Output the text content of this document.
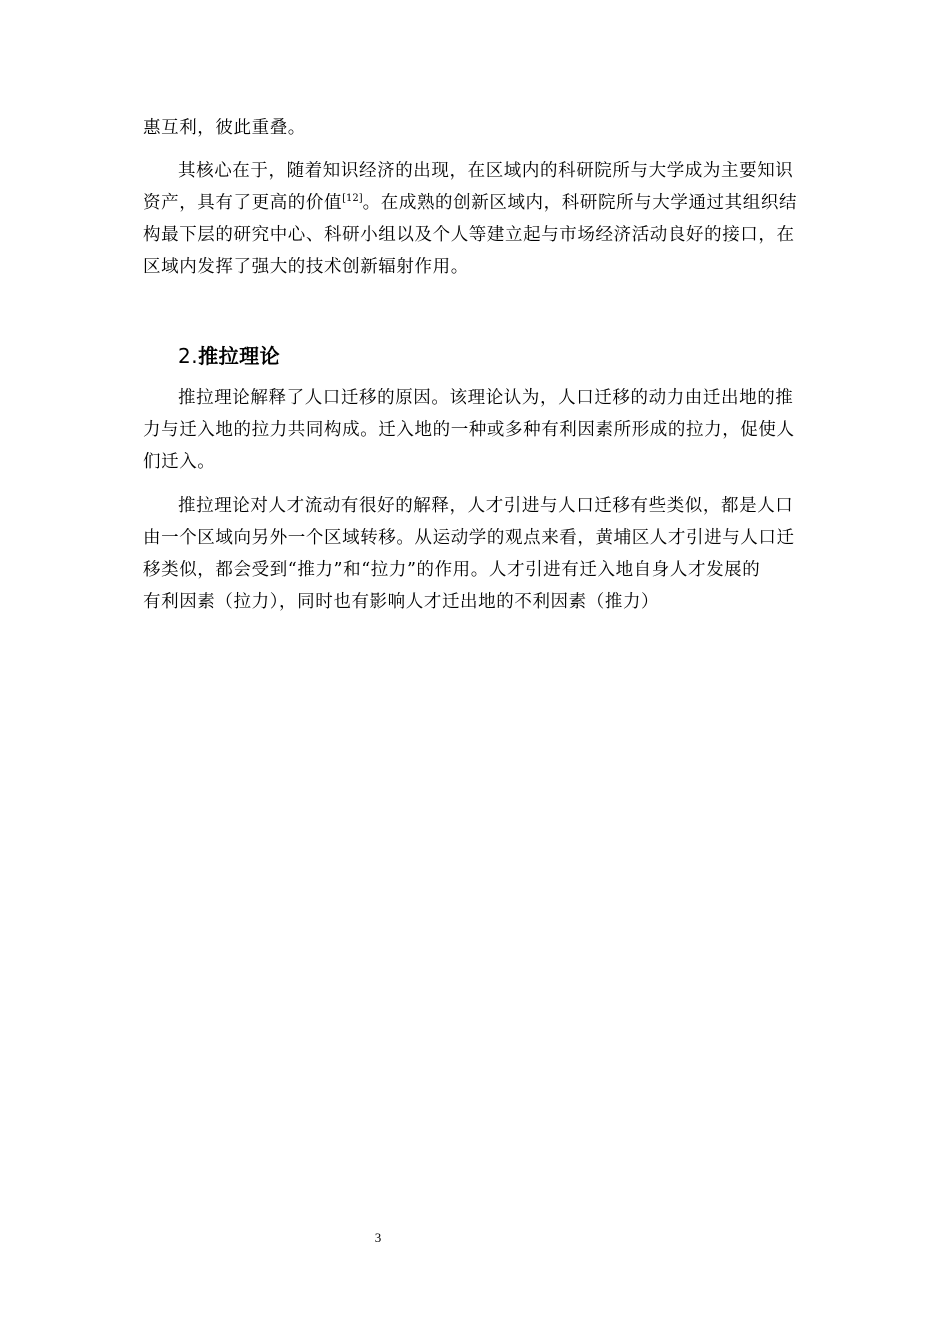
惠互利，彼此重叠。
其核心在于，随着知识经济的出现，在区域内的科研院所与大学成为主要知识
资产，具有了更高的价值[12]。在成熟的创新区域内，科研院所与大学通过其组织结
构最下层的研究中心、科研小组以及个人等建立起与市场经济活动良好的接口，在
区域内发挥了强大的技术创新辐射作用。
2.推拉理论
推拉理论解释了人口迁移的原因。该理论认为，人口迁移的动力由迁出地的推
力与迁入地的拉力共同构成。迁入地的一种或多种有利因素所形成的拉力，促使人
们迁入。
推拉理论对人才流动有很好的解释，人才引进与人口迁移有些类似，都是人口
由一个区域向另外一个区域转移。从运动学的观点来看，黄埔区人才引进与人口迁
移类似，都会受到“推力”和“拉力”的作用。人才引进有迁入地自身人才发展的
有利因素（拉力），同时也有影响人才迁出地的不利因素（推力）
3
